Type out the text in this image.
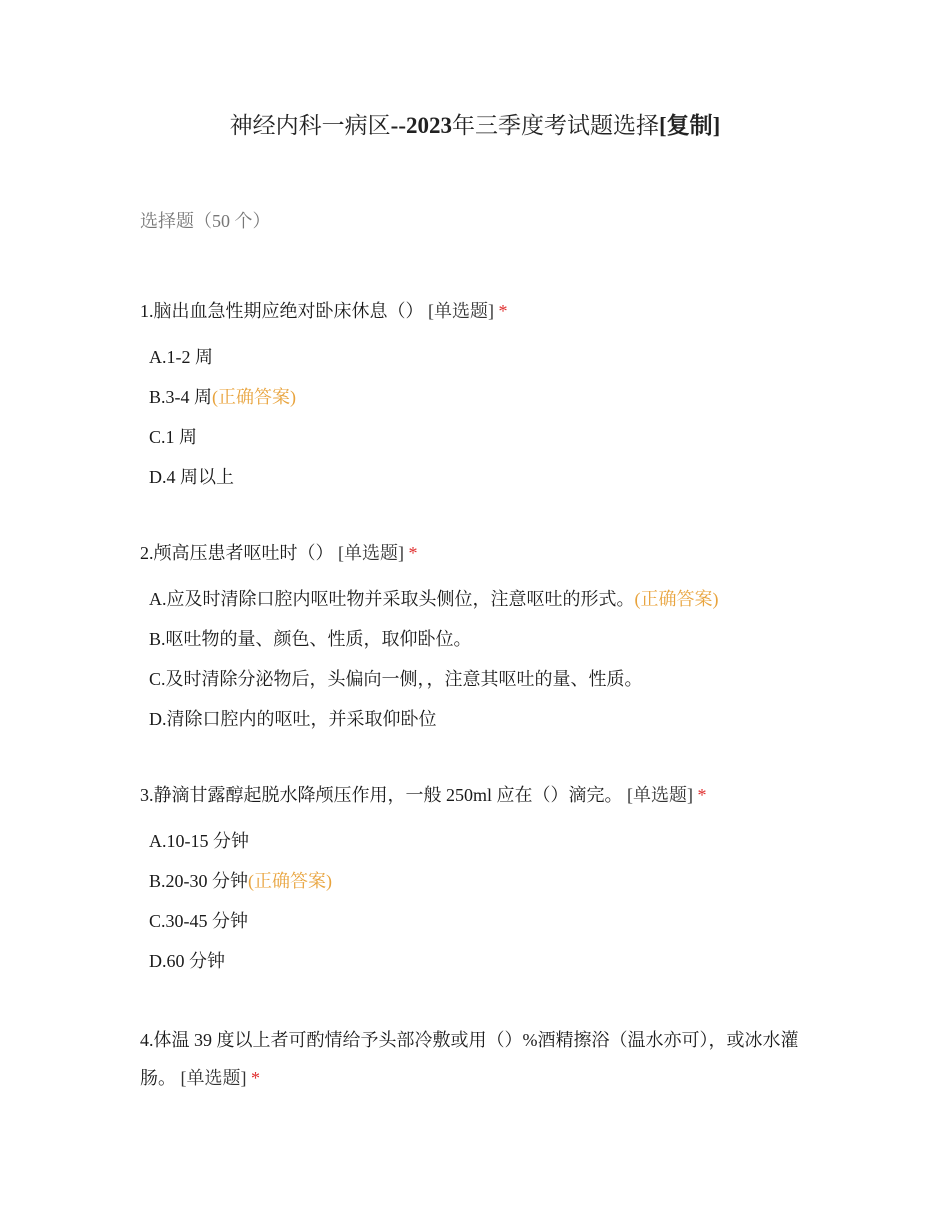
神经内科一病区--2023年三季度考试题选择[复制]
选择题（50 个）
1.脑出血急性期应绝对卧床休息（） [单选题] *
A.1-2 周
B.3-4 周(正确答案)
C.1 周
D.4 周以上
2.颅高压患者呕吐时（） [单选题] *
A.应及时清除口腔内呕吐物并采取头侧位，注意呕吐的形式。(正确答案)
B.呕吐物的量、颜色、性质，取仰卧位。
C.及时清除分泌物后，头偏向一侧，，注意其呕吐的量、性质。
D.清除口腔内的呕吐，并采取仰卧位
3.静滴甘露醇起脱水降颅压作用，一般 250ml 应在（）滴完。 [单选题] *
A.10-15 分钟
B.20-30 分钟(正确答案)
C.30-45 分钟
D.60 分钟
4.体温 39 度以上者可酌情给予头部冷敷或用（）%酒精擦浴（温水亦可），或冰水灌肠。 [单选题] *
